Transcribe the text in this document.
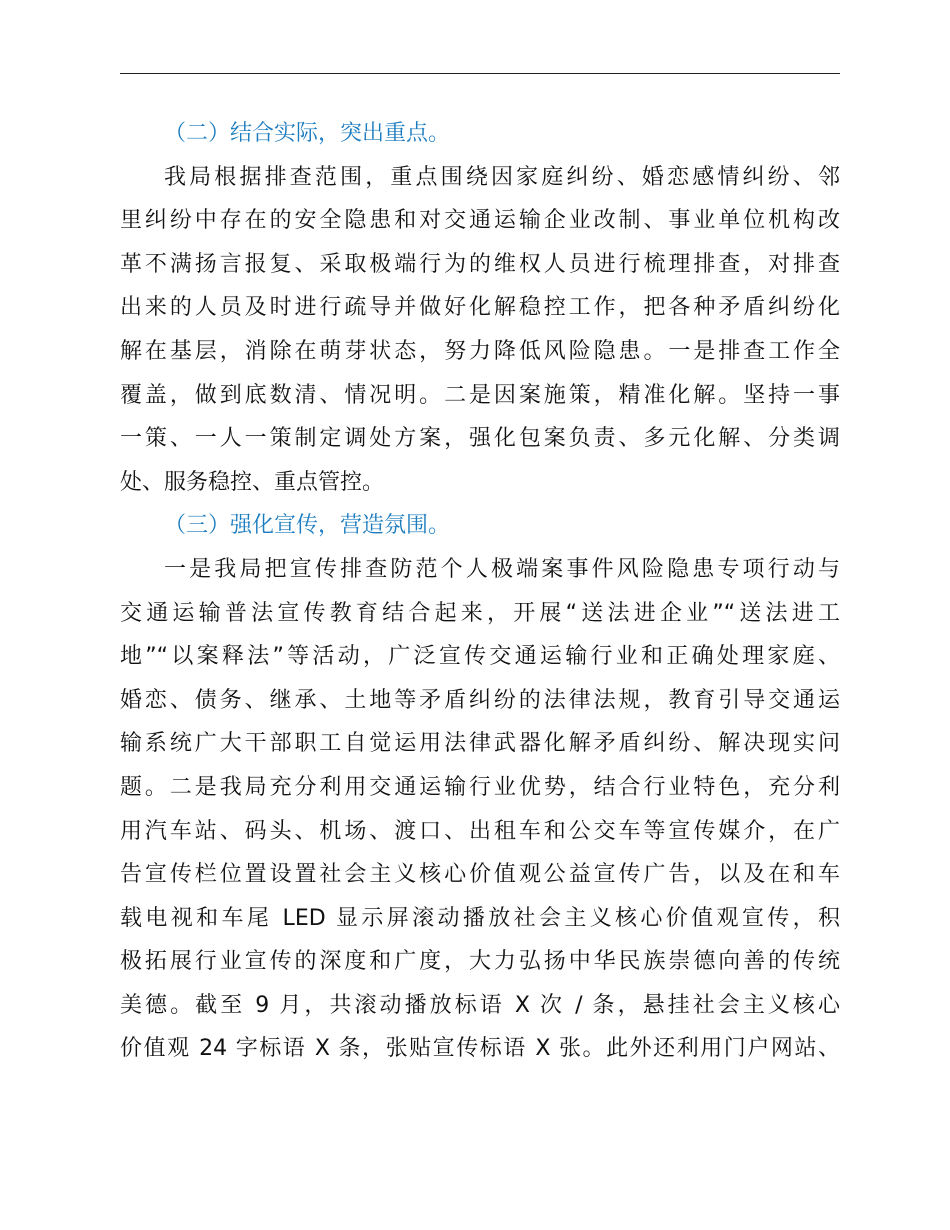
（二）结合实际，突出重点。
我局根据排查范围，重点围绕因家庭纠纷、婚恋感情纠纷、邻
里纠纷中存在的安全隐患和对交通运输企业改制、事业单位机构改
革不满扬言报复、采取极端行为的维权人员进行梳理排查，对排查
出来的人员及时进行疏导并做好化解稳控工作，把各种矛盾纠纷化
解在基层，消除在萌芽状态，努力降低风险隐患。一是排查工作全
覆盖，做到底数清、情况明。二是因案施策，精准化解。坚持一事
一策、一人一策制定调处方案，强化包案负责、多元化解、分类调
处、服务稳控、重点管控。
（三）强化宣传，营造氛围。
一是我局把宣传排查防范个人极端案事件风险隐患专项行动与
交通运输普法宣传教育结合起来，开展“送法进企业”“送法进工
地”“以案释法”等活动，广泛宣传交通运输行业和正确处理家庭、
婚恋、债务、继承、土地等矛盾纠纷的法律法规，教育引导交通运
输系统广大干部职工自觉运用法律武器化解矛盾纠纷、解决现实问
题。二是我局充分利用交通运输行业优势，结合行业特色，充分利
用汽车站、码头、机场、渡口、出租车和公交车等宣传媒介，在广
告宣传栏位置设置社会主义核心价值观公益宣传广告，以及在和车
载电视和车尾 LED 显示屏滚动播放社会主义核心价值观宣传，积
极拓展行业宣传的深度和广度，大力弘扬中华民族崇德向善的传统
美德。截至 9 月，共滚动播放标语 X 次 / 条，悬挂社会主义核心
价值观 24 字标语 X 条，张贴宣传标语 X 张。此外还利用门户网站、
